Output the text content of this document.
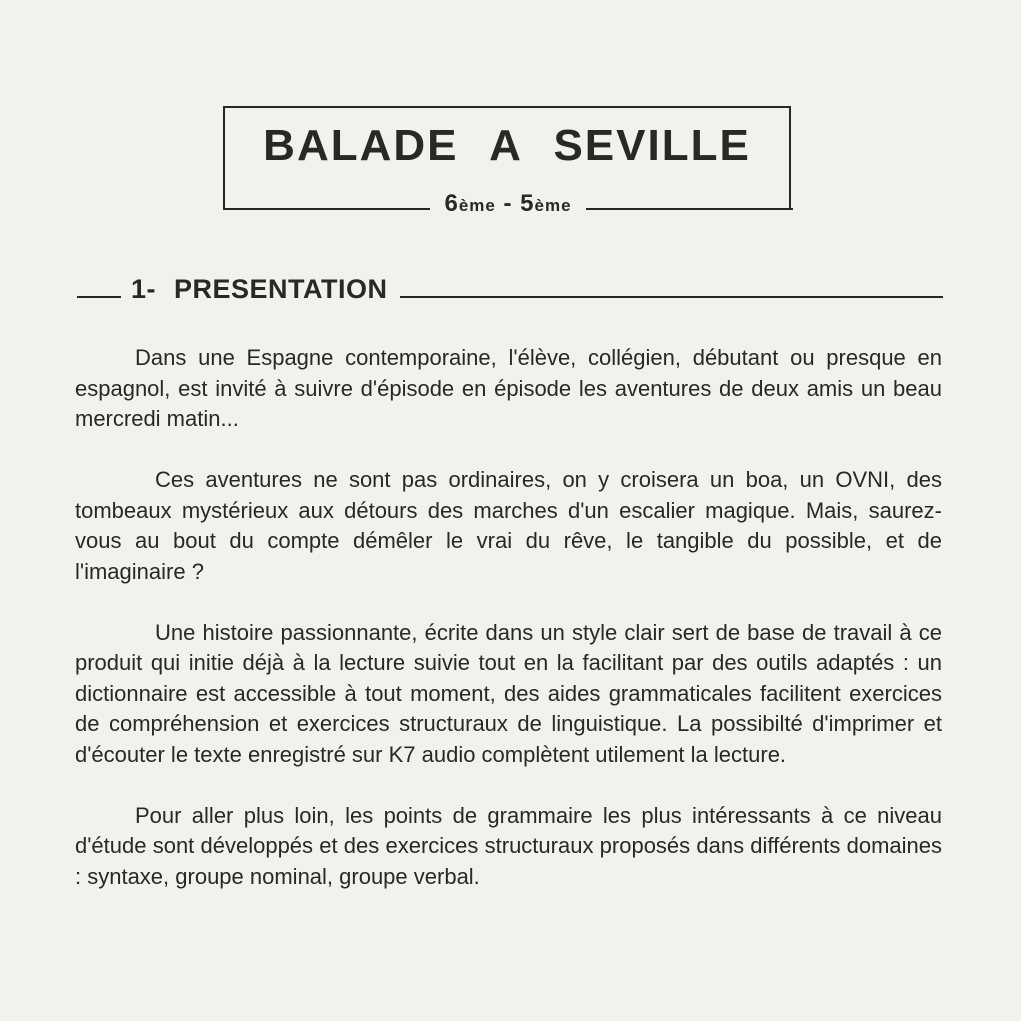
BALADE A SEVILLE
6ème - 5ème
1- PRESENTATION

Dans une Espagne contemporaine, l'élève, collégien, débutant ou presque en espagnol, est invité à suivre d'épisode en épisode les aventures de deux amis un beau mercredi matin...

Ces aventures ne sont pas ordinaires, on y croisera un boa, un OVNI, des tombeaux mystérieux aux détours des marches d'un escalier magique. Mais, saurez-vous au bout du compte démêler le vrai du rêve, le tangible du possible, et de l'imaginaire ?

Une histoire passionnante, écrite dans un style clair sert de base de travail à ce produit qui initie déjà à la lecture suivie tout en la facilitant par des outils adaptés : un dictionnaire est accessible à tout moment, des aides grammaticales facilitent exercices de compréhension et exercices structuraux de linguistique. La possibilté d'imprimer et d'écouter le texte enregistré sur K7 audio complètent utilement la lecture.

Pour aller plus loin, les points de grammaire les plus intéressants à ce niveau d'étude sont développés et des exercices structuraux proposés dans différents domaines : syntaxe, groupe nominal, groupe verbal.
